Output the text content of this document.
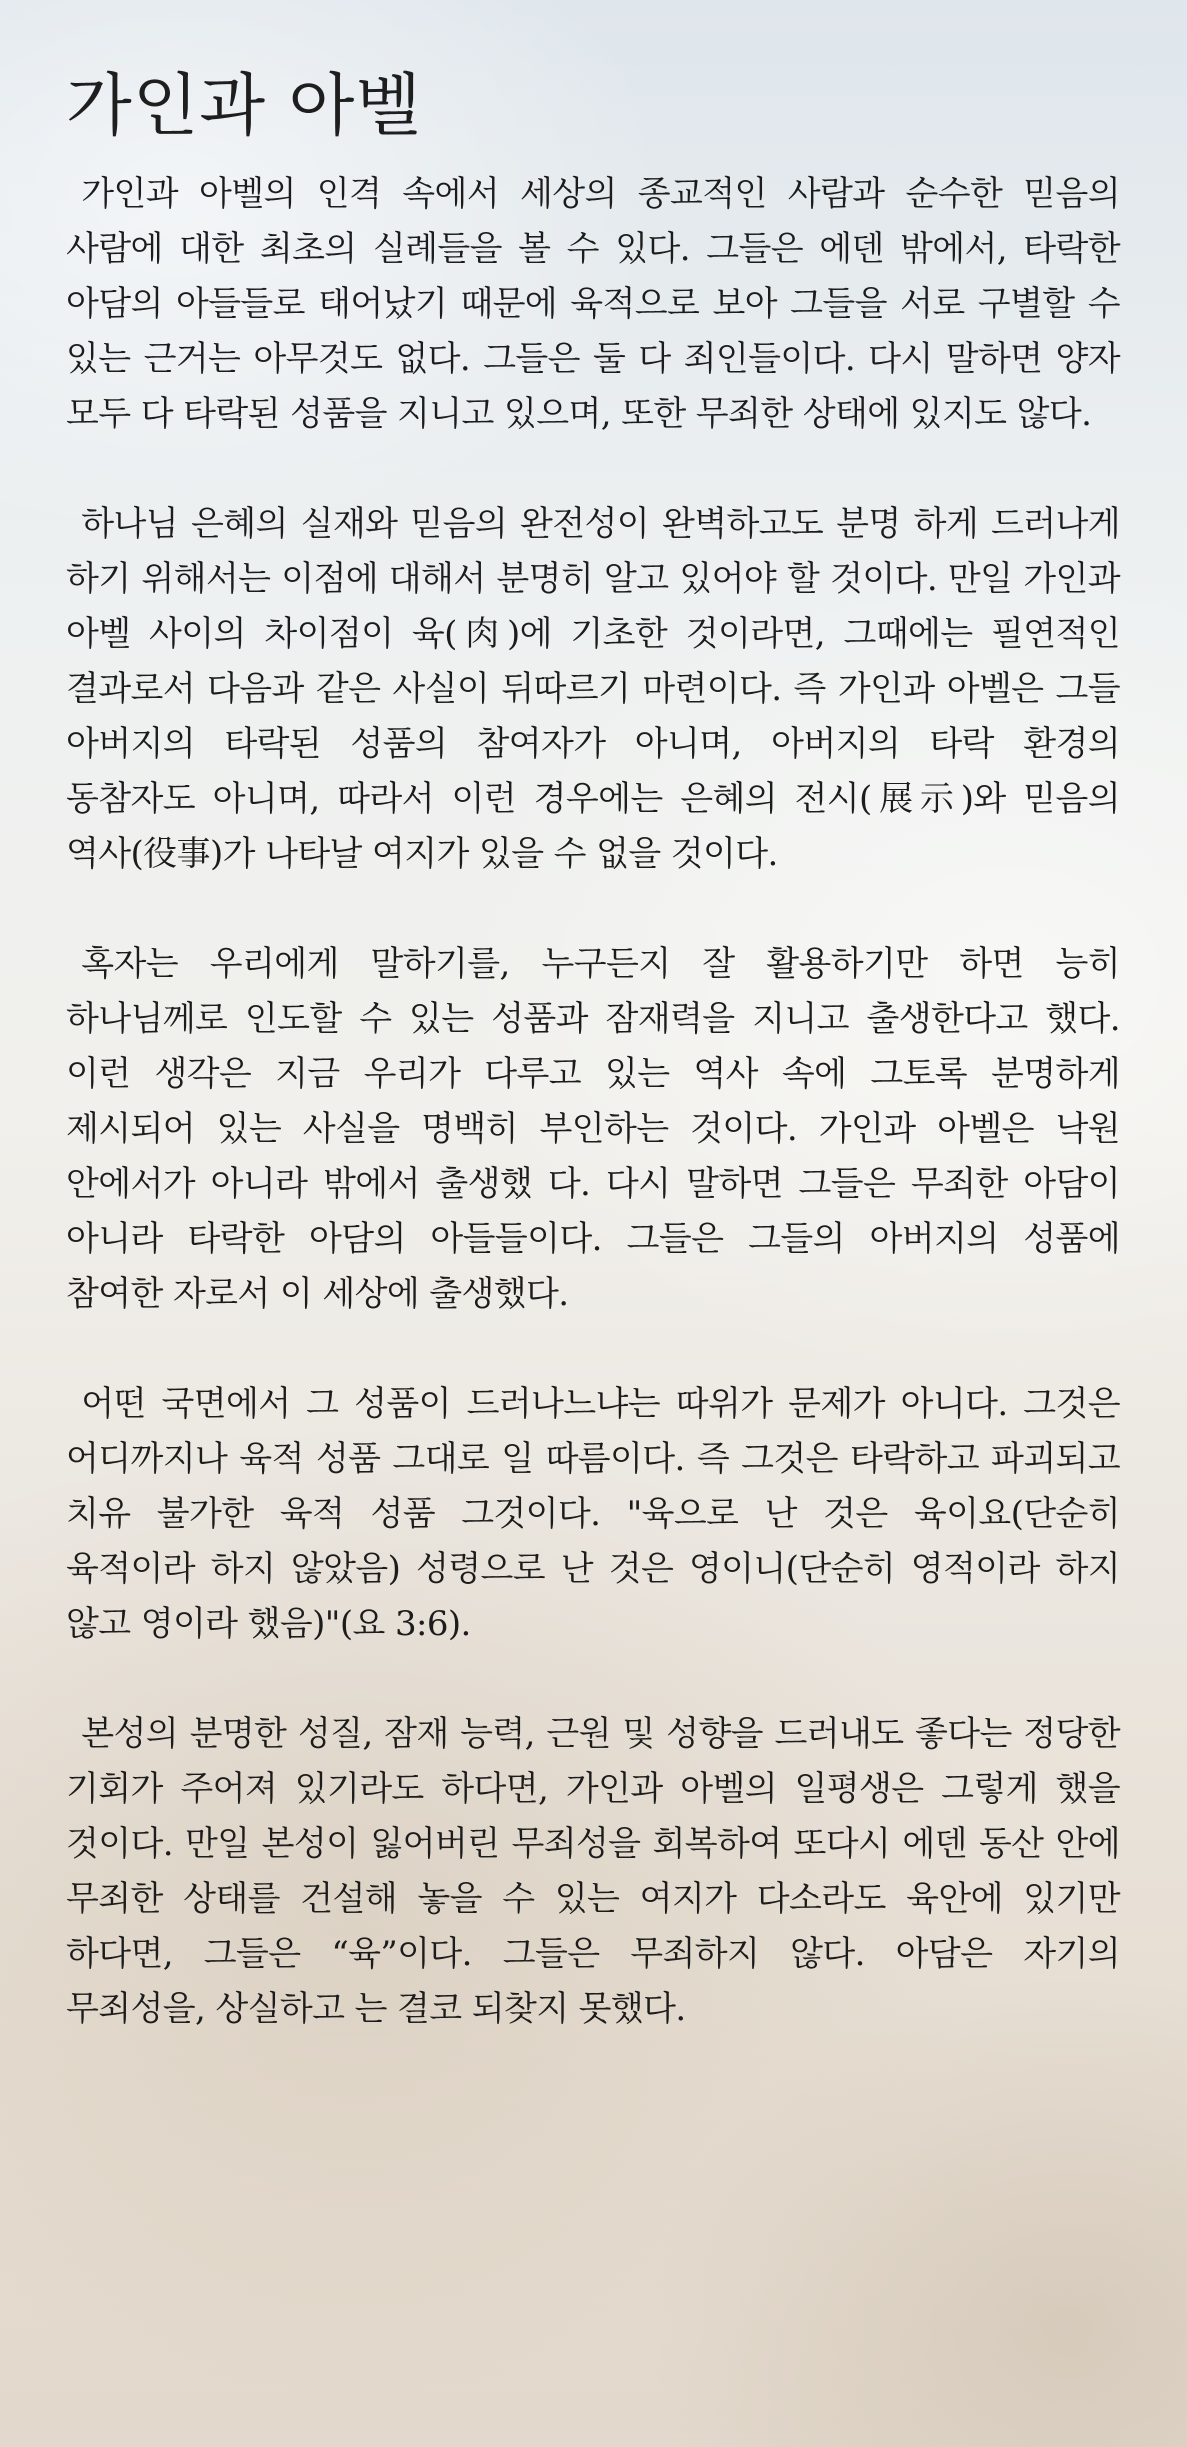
가인과 아벨

가인과 아벨의 인격 속에서 세상의 종교적인 사람과 순수한 믿음의 사람에 대한 최초의 실례들을 볼 수 있다. 그들은 에덴 밖에서, 타락한 아담의 아들들로 태어났기 때문에 육적으로 보아 그들을 서로 구별할 수 있는 근거는 아무것도 없다. 그들은 둘 다 죄인들이다. 다시 말하면 양자 모두 다 타락된 성품을 지니고 있으며, 또한 무죄한 상태에 있지도 않다.

하나님 은혜의 실재와 믿음의 완전성이 완벽하고도 분명 하게 드러나게 하기 위해서는 이점에 대해서 분명히 알고 있어야 할 것이다. 만일 가인과 아벨 사이의 차이점이 육(肉)에 기초한 것이라면, 그때에는 필연적인 결과로서 다음과 같은 사실이 뒤따르기 마련이다. 즉 가인과 아벨은 그들 아버지의 타락된 성품의 참여자가 아니며, 아버지의 타락 환경의 동참자도 아니며, 따라서 이런 경우에는 은혜의 전시(展示)와 믿음의 역사(役事)가 나타날 여지가 있을 수 없을 것이다.

혹자는 우리에게 말하기를, 누구든지 잘 활용하기만 하면 능히 하나님께로 인도할 수 있는 성품과 잠재력을 지니고 출생한다고 했다. 이런 생각은 지금 우리가 다루고 있는 역사 속에 그토록 분명하게 제시되어 있는 사실을 명백히 부인하는 것이다. 가인과 아벨은 낙원 안에서가 아니라 밖에서 출생했 다. 다시 말하면 그들은 무죄한 아담이 아니라 타락한 아담의 아들들이다. 그들은 그들의 아버지의 성품에 참여한 자로서 이 세상에 출생했다.

어떤 국면에서 그 성품이 드러나느냐는 따위가 문제가 아니다. 그것은 어디까지나 육적 성품 그대로 일 따름이다. 즉 그것은 타락하고 파괴되고 치유 불가한 육적 성품 그것이다. "육으로 난 것은 육이요(단순히 육적이라 하지 않았음) 성령으로 난 것은 영이니(단순히 영적이라 하지 않고 영이라 했음)"(요 3:6).

본성의 분명한 성질, 잠재 능력, 근원 및 성향을 드러내도 좋다는 정당한 기회가 주어져 있기라도 하다면, 가인과 아벨의 일평생은 그렇게 했을 것이다. 만일 본성이 잃어버린 무죄성을 회복하여 또다시 에덴 동산 안에 무죄한 상태를 건설해 놓을 수 있는 여지가 다소라도 육안에 있기만 하다면, 그들은 “육”이다. 그들은 무죄하지 않다. 아담은 자기의 무죄성을, 상실하고 는 결코 되찾지 못했다.
